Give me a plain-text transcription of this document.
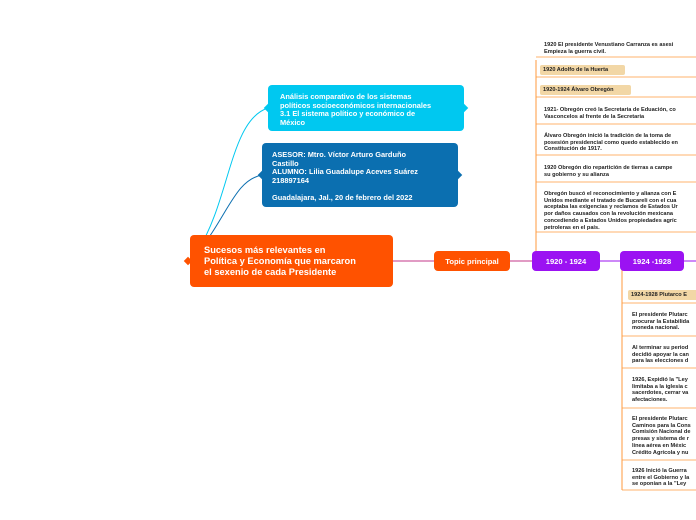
Análisis comparativo de los sistemas
políticos socioeconómicos internacionales
3.1 El sistema político y económico de
México
ASESOR: Mtro. Víctor Arturo Garduño
Castillo
ALUMNO: Lilia Guadalupe Aceves Suárez
218897164

Guadalajara, Jal., 20 de febrero del 2022
Sucesos más relevantes en
Política y Economía que marcaron
el sexenio de cada Presidente
Topic principal	1920 - 1924	1924 -1928
1920 El presidente Venustiano Carranza es asesi
Empieza la guerra civil.
1920 Adolfo de la Huerta
1920-1924 Álvaro Obregón
1921- Obregón creó la Secretaria de Eduación, co
Vasconcelos al frente de la Secretaria
Álvaro Obregón inició la tradición de la toma de
posesión presidencial como quedo establecido en
Constitución de 1917.
1920 Obregón dio repartición de tierras a campe
su gobierno y su alianza
Obregón buscó el reconocimiento y alianza con E
Unidos mediante el tratado de Bucareli con el cua
aceptaba las exigencias y reclamos de Estados Ur
por daños causados con la revolución mexicana
concediendo a Estados Unidos propiedades agríc
petroleras en el país.
1924-1928 Plutarco E
El presidente Plutarc
procurar la Estabilida
moneda nacional.
Al terminar su period
decidió apoyar la can
para las elecciones d
1926, Expidió la "Ley
limitaba a la iglesia c
sacerdotes, cerrar va
afectaciones.
El presidente Plutarc
Caminos para la Cons
Comisión Nacional de
presas y sistema de r
línea aérea en Méxic
Crédito Agrícola y nu
1926 Inició la Guerra
entre el Gobierno y la
se oponían a la "Ley
